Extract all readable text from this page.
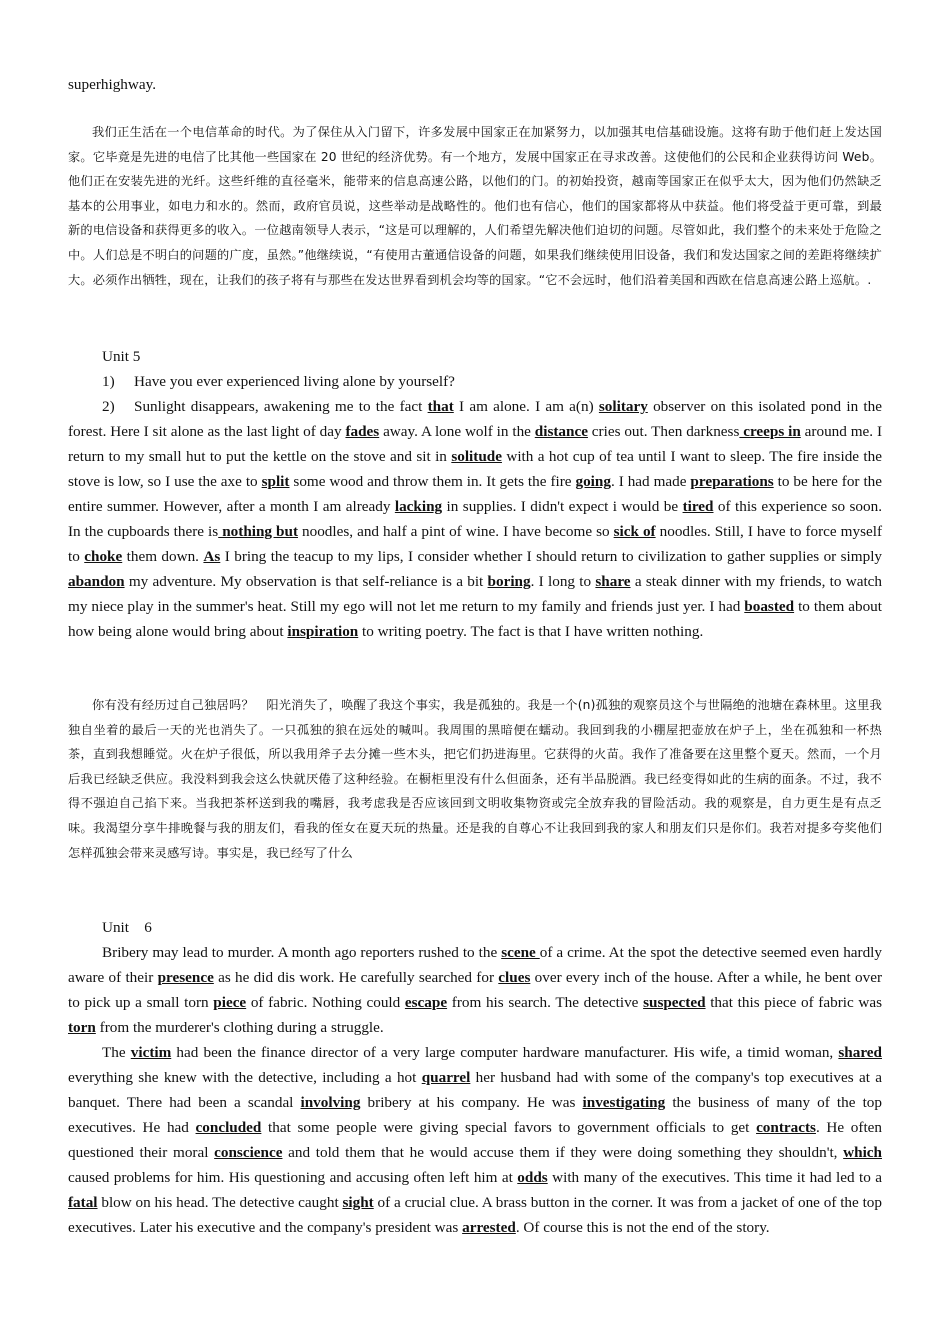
superhighway.

我们正生活在一个电信革命的时代。为了保住从入门留下，许多发展中国家正在加紧努力，以加强其电信基础设施。这将有助于他们赶上发达国家。它毕竟是先进的电信了比其他一些国家在 20 世纪的经济优势。有一个地方，发展中国家正在寻求改善。这使他们的公民和企业获得访问 Web。他们正在安装先进的光纤。这些纤维的直径毫米，能带来的信息高速公路，以他们的门。的初始投资，越南等国家正在似乎太大，因为他们仍然缺乏基本的公用事业，如电力和水的。然而，政府官员说，这些举动是战略性的。他们也有信心，他们的国家都将从中获益。他们将受益于更可靠，到最新的电信设备和获得更多的收入。一位越南领导人表示，“这是可以理解的，人们希望先解决他们迫切的问题。尽管如此，我们整个的未来处于危险之中。人们总是不明白的问题的广度，虽然。”他继续说，“有使用古董通信设备的问题，如果我们继续使用旧设备，我们和发达国家之间的差距将继续扩大。必须作出牺牲，现在，让我们的孩子将有与那些在发达世界看到机会均等的国家。“它不会远时，他们沿着美国和西欧在信息高速公路上巡航。.

Unit 5

1) Have you ever experienced living alone by yourself?

2) Sunlight disappears, awakening me to the fact that I am alone. I am a(n) solitary observer on this isolated pond in the forest. Here I sit alone as the last light of day fades away. A lone wolf in the distance cries out. Then darkness creeps in around me. I return to my small hut to put the kettle on the stove and sit in solitude with a hot cup of tea until I want to sleep. The fire inside the stove is low, so I use the axe to split some wood and throw them in. It gets the fire going. I had made preparations to be here for the entire summer. However, after a month I am already lacking in supplies. I didn't expect i would be tired of this experience so soon. In the cupboards there is nothing but noodles, and half a pint of wine. I have become so sick of noodles. Still, I have to force myself to choke them down. As I bring the teacup to my lips, I consider whether I should return to civilization to gather supplies or simply abandon my adventure. My observation is that self-reliance is a bit boring. I long to share a steak dinner with my friends, to watch my niece play in the summer's heat. Still my ego will not let me return to my family and friends just yer. I had boasted to them about how being alone would bring about inspiration to writing poetry. The fact is that I have written nothing.

你有没有经历过自己独居吗？　阳光消失了，唤醒了我这个事实，我是孤独的。我是一个(n)孤独的观察员这个与世隔绝的池塘在森林里。这里我独自坐着的最后一天的光也消失了。一只孤独的狼在远处的喊叫。我周围的黑暗便在蠕动。我回到我的小棚屋把壶放在炉子上，坐在孤独和一杯热茶，直到我想睡觉。火在炉子很低，所以我用斧子去分摊一些木头，把它们扔进海里。它获得的火苗。我作了准备要在这里整个夏天。然而，一个月后我已经缺乏供应。我没料到我会这么快就厌倦了这种经验。在橱柜里没有什么但面条，还有半品脱酒。我已经变得如此的生病的面条。不过，我不得不强迫自己掐下来。当我把茶杯送到我的嘴唇，我考虑我是否应该回到文明收集物资或完全放弃我的冒险活动。我的观察是，自力更生是有点乏味。我渴望分享牛排晚餐与我的朋友们，看我的侄女在夏天玩的热量。还是我的自尊心不让我回到我的家人和朋友们只是你们。我若对提多夸奖他们怎样孤独会带来灵感写诗。事实是，我已经写了什么

Unit　6

Bribery may lead to murder. A month ago reporters rushed to the scene of a crime. At the spot the detective seemed even hardly aware of their presence as he did dis work. He carefully searched for clues over every inch of the house. After a while, he bent over to pick up a small torn piece of fabric. Nothing could escape from his search. The detective suspected that this piece of fabric was torn from the murderer's clothing during a struggle.

The victim had been the finance director of a very large computer hardware manufacturer. His wife, a timid woman, shared everything she knew with the detective, including a hot quarrel her husband had with some of the company's top executives at a banquet. There had been a scandal involving bribery at his company. He was investigating the business of many of the top executives. He had concluded that some people were giving special favors to government officials to get contracts. He often questioned their moral conscience and told them that he would accuse them if they were doing something they shouldn't, which caused problems for him. His questioning and accusing often left him at odds with many of the executives. This time it had led to a fatal blow on his head. The detective caught sight of a crucial clue. A brass button in the corner. It was from a jacket of one of the top executives. Later his executive and the company's president was arrested. Of course this is not the end of the story.
